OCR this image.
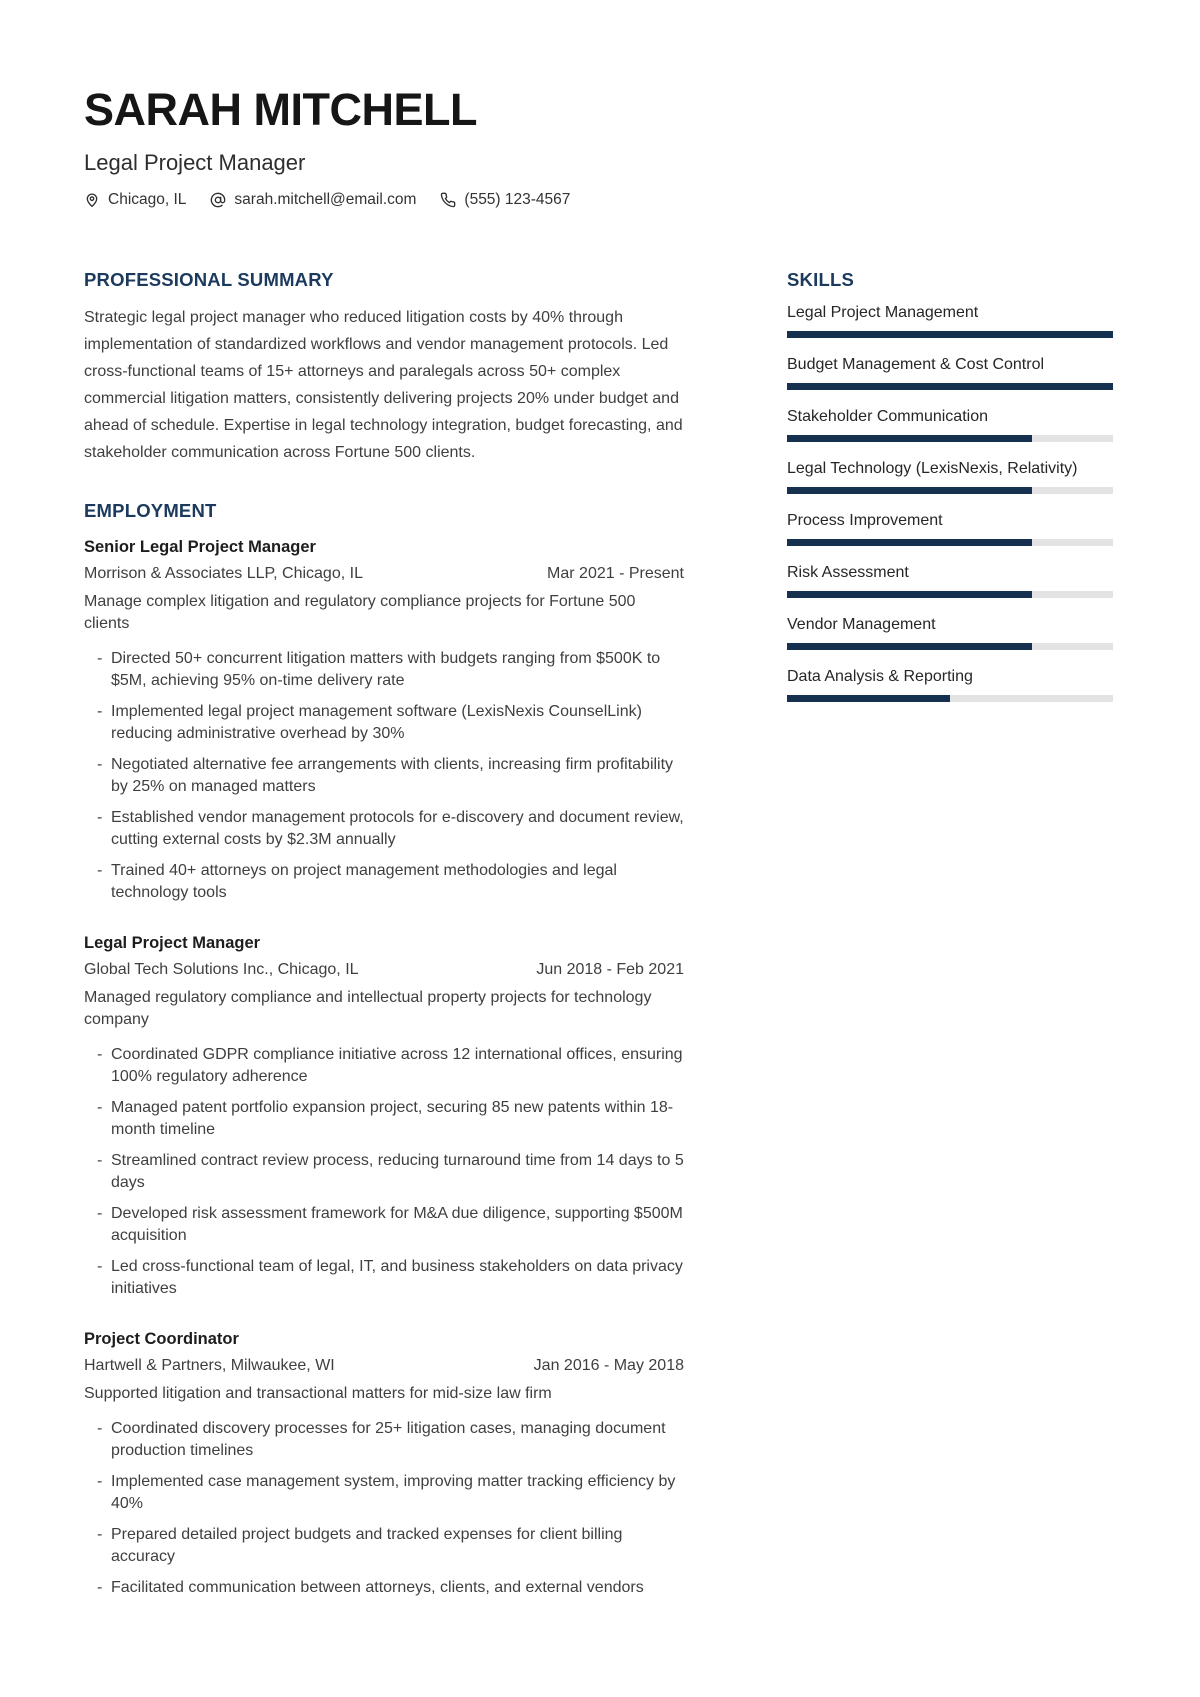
SARAH MITCHELL
Legal Project Manager
Chicago, IL	sarah.mitchell@email.com	(555) 123-4567
PROFESSIONAL SUMMARY

Strategic legal project manager who reduced litigation costs by 40% through implementation of standardized workflows and vendor management protocols. Led cross-functional teams of 15+ attorneys and paralegals across 50+ complex commercial litigation matters, consistently delivering projects 20% under budget and ahead of schedule. Expertise in legal technology integration, budget forecasting, and stakeholder communication across Fortune 500 clients.

EMPLOYMENT
Senior Legal Project Manager
Morrison & Associates LLP, Chicago, IL	Mar 2021 - Present

Manage complex litigation and regulatory compliance projects for Fortune 500 clients

- Directed 50+ concurrent litigation matters with budgets ranging from $500K to $5M, achieving 95% on-time delivery rate
- Implemented legal project management software (LexisNexis CounselLink) reducing administrative overhead by 30%
- Negotiated alternative fee arrangements with clients, increasing firm profitability by 25% on managed matters
- Established vendor management protocols for e-discovery and document review, cutting external costs by $2.3M annually
- Trained 40+ attorneys on project management methodologies and legal technology tools
Legal Project Manager
Global Tech Solutions Inc., Chicago, IL	Jun 2018 - Feb 2021

Managed regulatory compliance and intellectual property projects for technology company

- Coordinated GDPR compliance initiative across 12 international offices, ensuring 100% regulatory adherence
- Managed patent portfolio expansion project, securing 85 new patents within 18-month timeline
- Streamlined contract review process, reducing turnaround time from 14 days to 5 days
- Developed risk assessment framework for M&A due diligence, supporting $500M acquisition
- Led cross-functional team of legal, IT, and business stakeholders on data privacy initiatives
Project Coordinator
Hartwell & Partners, Milwaukee, WI	Jan 2016 - May 2018

Supported litigation and transactional matters for mid-size law firm

- Coordinated discovery processes for 25+ litigation cases, managing document production timelines
- Implemented case management system, improving matter tracking efficiency by 40%
- Prepared detailed project budgets and tracked expenses for client billing accuracy
- Facilitated communication between attorneys, clients, and external vendors
SKILLS
Legal Project Management
Budget Management & Cost Control
Stakeholder Communication
Legal Technology (LexisNexis, Relativity)
Process Improvement
Risk Assessment
Vendor Management
Data Analysis & Reporting
